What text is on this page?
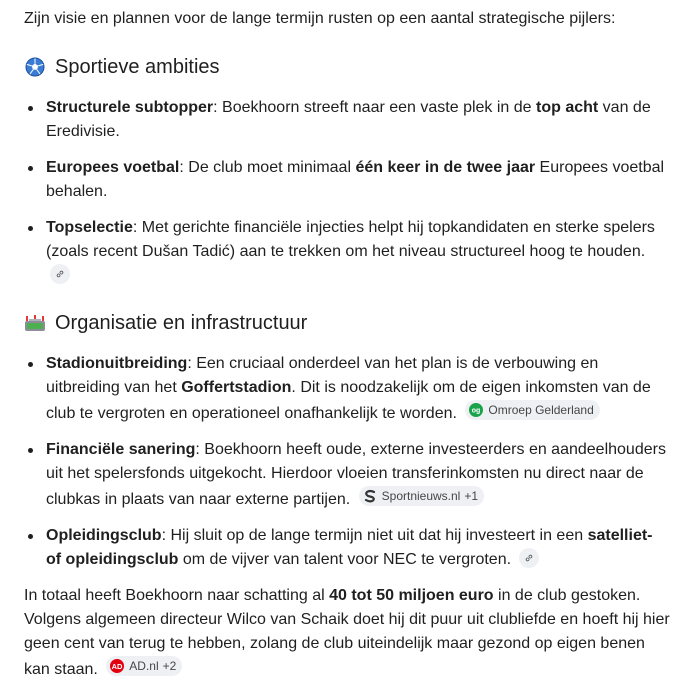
Zijn visie en plannen voor de lange termijn rusten op een aantal strategische pijlers:

Sportieve ambities
Structurele subtopper: Boekhoorn streeft naar een vaste plek in de top acht van de Eredivisie.
Europees voetbal: De club moet minimaal één keer in de twee jaar Europees voetbal behalen.
Topselectie: Met gerichte financiële injecties helpt hij topkandidaten en sterke spelers (zoals recent Dušan Tadić) aan te trekken om het niveau structureel hoog te houden.
Organisatie en infrastructuur
Stadionuitbreiding: Een cruciaal onderdeel van het plan is de verbouwing en uitbreiding van het Goffertstadion. Dit is noodzakelijk om de eigen inkomsten van de club te vergroten en operationeel onafhankelijk te worden. og Omroep Gelderland
Financiële sanering: Boekhoorn heeft oude, externe investeerders en aandeelhouders uit het spelersfonds uitgekocht. Hierdoor vloeien transferinkomsten nu direct naar de clubkas in plaats van naar externe partijen.	Sportnieuws.nl +1
Opleidingsclub: Hij sluit op de lange termijn niet uit dat hij investeert in een satelliet- of opleidingsclub om de vijver van talent voor NEC te vergroten.

In totaal heeft Boekhoorn naar schatting al 40 tot 50 miljoen euro in de club gestoken. Volgens algemeen directeur Wilco van Schaik doet hij dit puur uit clubliefde en hoeft hij hier geen cent van terug te hebben, zolang de club uiteindelijk maar gezond op eigen benen kan staan. AD AD.nl +2
